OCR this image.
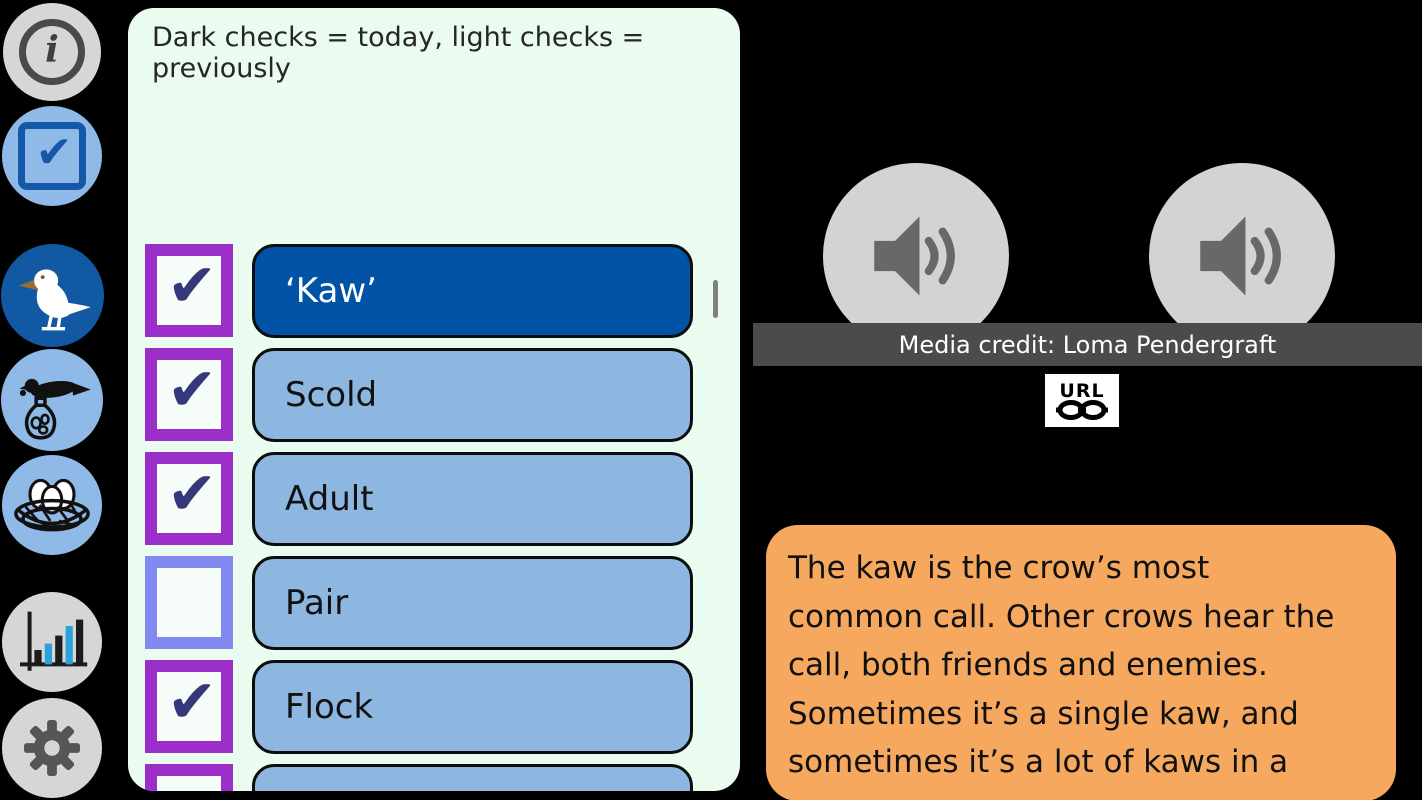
i
✔
Dark checks = today, light checks = previously
✔ ‘Kaw’
✔ Scold
✔ Adult
Pair
✔ Flock
Media credit: Loma Pendergraft
URL
The kaw is the crow’s most
common call. Other crows hear the
call, both friends and enemies.
Sometimes it’s a single kaw, and
sometimes it’s a lot of kaws in a
